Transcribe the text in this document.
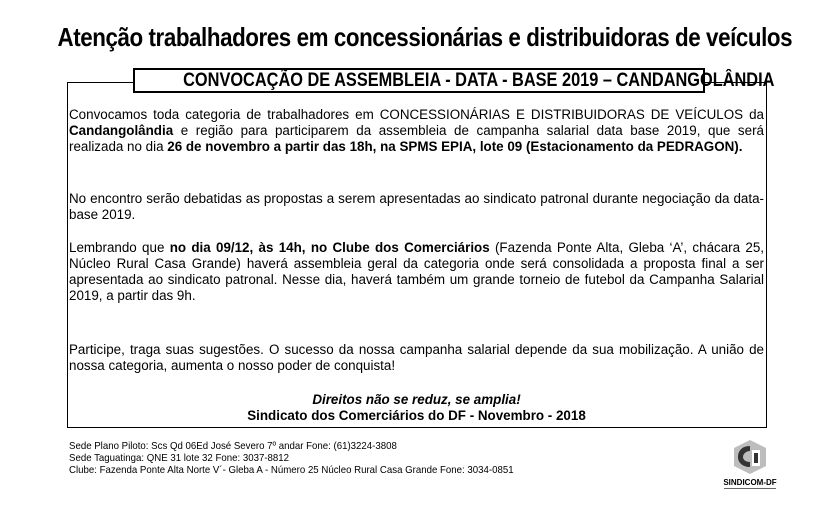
Atenção trabalhadores em concessionárias e distribuidoras de veículos
CONVOCAÇÃO DE ASSEMBLEIA - DATA - BASE 2019 – CANDANGOLÂNDIA
Convocamos toda categoria de trabalhadores em CONCESSIONÁRIAS E DISTRIBUIDORAS DE VEÍCULOS da Candangolândia e região para participarem da assembleia de campanha salarial data base 2019, que será realizada no dia 26 de novembro a partir das 18h, na SPMS EPIA, lote 09 (Estacionamento da PEDRAGON).
No encontro serão debatidas as propostas a serem apresentadas ao sindicato patronal durante negociação da data-base 2019.
Lembrando que no dia 09/12, às 14h, no Clube dos Comerciários (Fazenda Ponte Alta, Gleba ‘A’, chácara 25, Núcleo Rural Casa Grande) haverá assembleia geral da categoria onde será consolidada a proposta final a ser apresentada ao sindicato patronal. Nesse dia, haverá também um grande torneio de futebol da Campanha Salarial 2019, a partir das 9h.
Participe, traga suas sugestões. O sucesso da nossa campanha salarial depende da sua mobilização. A união de nossa categoria, aumenta o nosso poder de conquista!
Direitos não se reduz, se amplia!
Sindicato dos Comerciários do DF - Novembro - 2018
Sede Plano Piloto: Scs Qd 06Ed José Severo 7º andar Fone: (61)3224-3808
Sede Taguatinga: QNE 31 lote 32 Fone: 3037-8812
Clube: Fazenda Ponte Alta Norte V´- Gleba A - Número 25 Núcleo Rural Casa Grande Fone: 3034-0851
SINDICOM-DF
